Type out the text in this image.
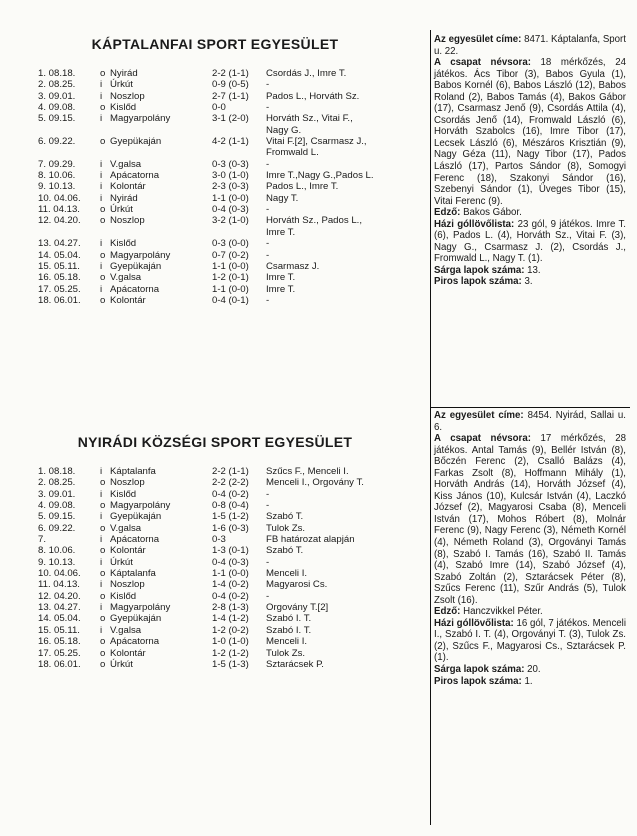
KÁPTALANFAI SPORT EGYESÜLET
1. 08.18.	o Nyirád	2-2 (1-1)	Csordás J., Imre T.
2. 08.25.	i Úrkút	0-9 (0-5)	-
3. 09.01.	i Noszlop	2-7 (1-1)	Pados L., Horváth Sz.
4. 09.08.	o Kislőd	0-0	-
5. 09.15.	i Magyarpolány	3-1 (2-0)	Horváth Sz., Vitai F.,
Nagy G.
6. 09.22.	o Gyepükaján	4-2 (1-1)	Vitai F.[2], Csarmasz J.,
Fromwald L.
7. 09.29.	i V.galsa	0-3 (0-3)	-
8. 10.06.	i Apácatorna	3-0 (1-0)	Imre T.,Nagy G.,Pados L.
9. 10.13.	i Kolontár	2-3 (0-3)	Pados L., Imre T.
10. 04.06.	i Nyirád	1-1 (0-0)	Nagy T.
11. 04.13.	o Úrkút	0-4 (0-3)	-
12. 04.20.	o Noszlop	3-2 (1-0)	Horváth Sz., Pados L.,
Imre T.
13. 04.27.	i Kislőd	0-3 (0-0)	-
14. 05.04.	o Magyarpolány	0-7 (0-2)	-
15. 05.11.	i Gyepükaján	1-1 (0-0)	Csarmasz J.
16. 05.18.	o V.galsa	1-2 (0-1)	Imre T.
17. 05.25.	i Apácatorna	1-1 (0-0)	Imre T.
18. 06.01.	o Kolontár	0-4 (0-1)	-
NYIRÁDI KÖZSÉGI SPORT EGYESÜLET
1. 08.18.	i Káptalanfa	2-2 (1-1)	Szűcs F., Menceli I.
2. 08.25.	o Noszlop	2-2 (2-2)	Menceli I., Orgovány T.
3. 09.01.	i Kislőd	0-4 (0-2)	-
4. 09.08.	o Magyarpolány	0-8 (0-4)	-
5. 09.15.	i Gyepükaján	1-5 (1-2)	Szabó T.
6. 09.22.	o V.galsa	1-6 (0-3)	Tulok Zs.
7.	i Apácatorna	0-3	FB határozat alapján
8. 10.06.	o Kolontár	1-3 (0-1)	Szabó T.
9. 10.13.	i Úrkút	0-4 (0-3)	-
10. 04.06.	o Káptalanfa	1-1 (0-0)	Menceli I.
11. 04.13.	i Noszlop	1-4 (0-2)	Magyarosi Cs.
12. 04.20.	o Kislőd	0-4 (0-2)	-
13. 04.27.	i Magyarpolány	2-8 (1-3)	Orgovány T.[2]
14. 05.04.	o Gyepükaján	1-4 (1-2)	Szabó I. T.
15. 05.11.	i V.galsa	1-2 (0-2)	Szabó I. T.
16. 05.18.	o Apácatorna	1-0 (1-0)	Menceli I.
17. 05.25.	o Kolontár	1-2 (1-2)	Tulok Zs.
18. 06.01.	o Úrkút	1-5 (1-3)	Sztarácsek P.

Az egyesület címe: 8471. Káptalanfa, Sport u. 22.

A csapat névsora: 18 mérkőzés, 24 játékos. Ács Tibor (3), Babos Gyula (1), Babos Kornél (6), Babos László (12), Babos Roland (2), Babos Tamás (4), Bakos Gábor (17), Csarmasz Jenő (9), Csordás Attila (4), Csordás Jenő (14), Fromwald László (6), Horváth Szabolcs (16), Imre Tibor (17), Lecsek László (6), Mészáros Krisztián (9), Nagy Géza (11), Nagy Tibor (17), Pados László (17), Partos Sándor (8), Somogyi Ferenc (18), Szakonyi Sándor (16), Szebenyi Sándor (1), Üveges Tibor (15), Vitai Ferenc (9).

Edző: Bakos Gábor.

Házi góllövőlista: 23 gól, 9 játékos. Imre T. (6), Pados L. (4), Horváth Sz., Vitai F. (3), Nagy G., Csarmasz J. (2), Csordás J., Fromwald L., Nagy T. (1).

Sárga lapok száma: 13.

Piros lapok száma: 3.

Az egyesület címe: 8454. Nyirád, Sallai u. 6.

A csapat névsora: 17 mérkőzés, 28 játékos. Antal Tamás (9), Bellér István (8), Bőczén Ferenc (2), Csalló Balázs (4), Farkas Zsolt (8), Hoffmann Mihály (1), Horváth András (14), Horváth József (4), Kiss János (10), Kulcsár István (4), Laczkó József (2), Magyarosi Csaba (8), Menceli István (17), Mohos Róbert (8), Molnár Ferenc (9), Nagy Ferenc (3), Németh Kornél (4), Németh Roland (3), Orgoványi Tamás (8), Szabó I. Tamás (16), Szabó II. Tamás (4), Szabó Imre (14), Szabó József (4), Szabó Zoltán (2), Sztarácsek Péter (8), Szűcs Ferenc (11), Szűr András (5), Tulok Zsolt (16).

Edző: Hanczvikkel Péter.

Házi góllövőlista: 16 gól, 7 játékos. Menceli I., Szabó I. T. (4), Orgoványi T. (3), Tulok Zs. (2), Szűcs F., Magyarosi Cs., Sztarácsek P. (1).

Sárga lapok száma: 20.

Piros lapok száma: 1.
